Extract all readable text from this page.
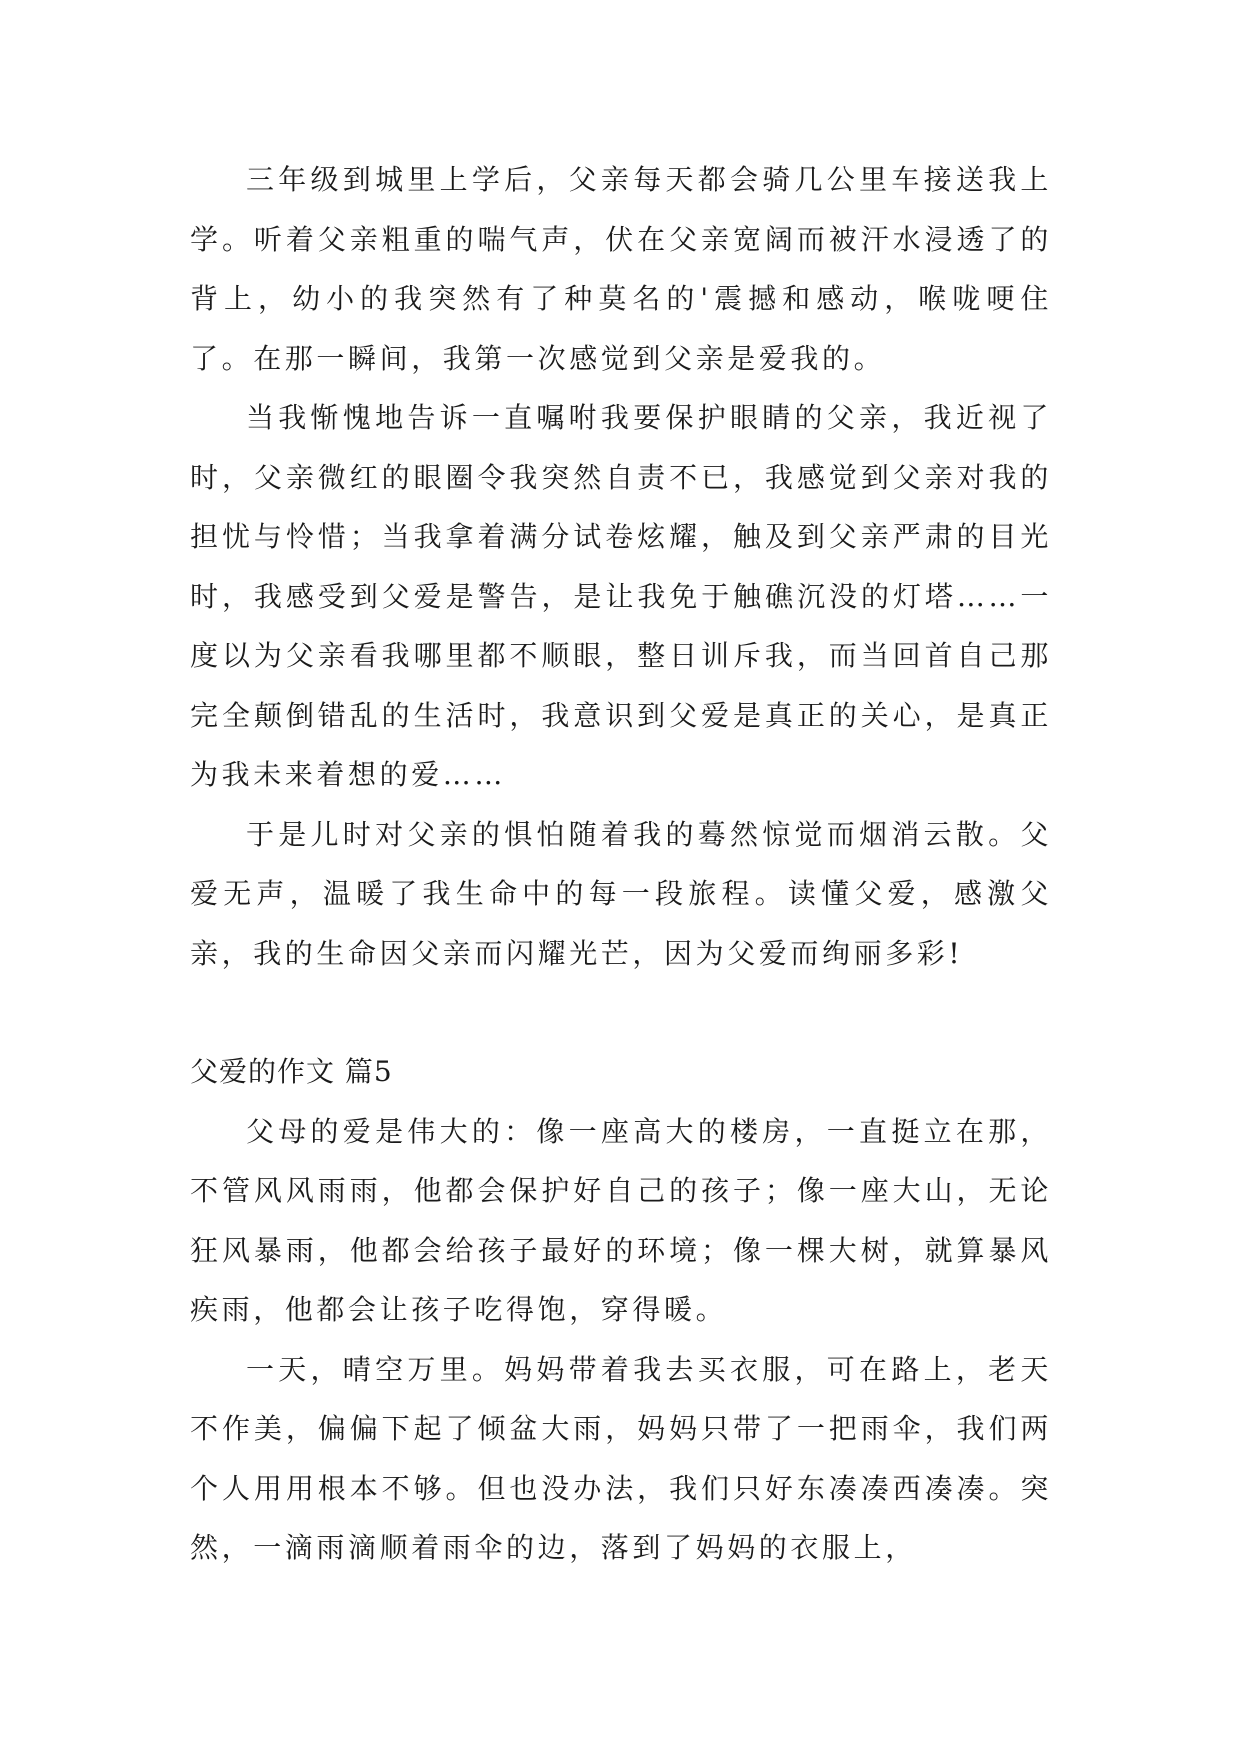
三年级到城里上学后，父亲每天都会骑几公里车接送我上学。听着父亲粗重的喘气声，伏在父亲宽阔而被汗水浸透了的背上，幼小的我突然有了种莫名的'震撼和感动，喉咙哽住了。在那一瞬间，我第一次感觉到父亲是爱我的。

当我惭愧地告诉一直嘱咐我要保护眼睛的父亲，我近视了时，父亲微红的眼圈令我突然自责不已，我感觉到父亲对我的担忧与怜惜；当我拿着满分试卷炫耀，触及到父亲严肃的目光时，我感受到父爱是警告，是让我免于触礁沉没的灯塔……一度以为父亲看我哪里都不顺眼，整日训斥我，而当回首自己那完全颠倒错乱的生活时，我意识到父爱是真正的关心，是真正为我未来着想的爱……

于是儿时对父亲的惧怕随着我的蓦然惊觉而烟消云散。父爱无声，温暖了我生命中的每一段旅程。读懂父爱，感激父亲，我的生命因父亲而闪耀光芒，因为父爱而绚丽多彩!

父爱的作文 篇5

父母的爱是伟大的：像一座高大的楼房，一直挺立在那，不管风风雨雨，他都会保护好自己的孩子；像一座大山，无论狂风暴雨，他都会给孩子最好的环境；像一棵大树，就算暴风疾雨，他都会让孩子吃得饱，穿得暖。

一天，晴空万里。妈妈带着我去买衣服，可在路上，老天不作美，偏偏下起了倾盆大雨，妈妈只带了一把雨伞，我们两个人用用根本不够。但也没办法，我们只好东凑凑西凑凑。突然，一滴雨滴顺着雨伞的边，落到了妈妈的衣服上，
